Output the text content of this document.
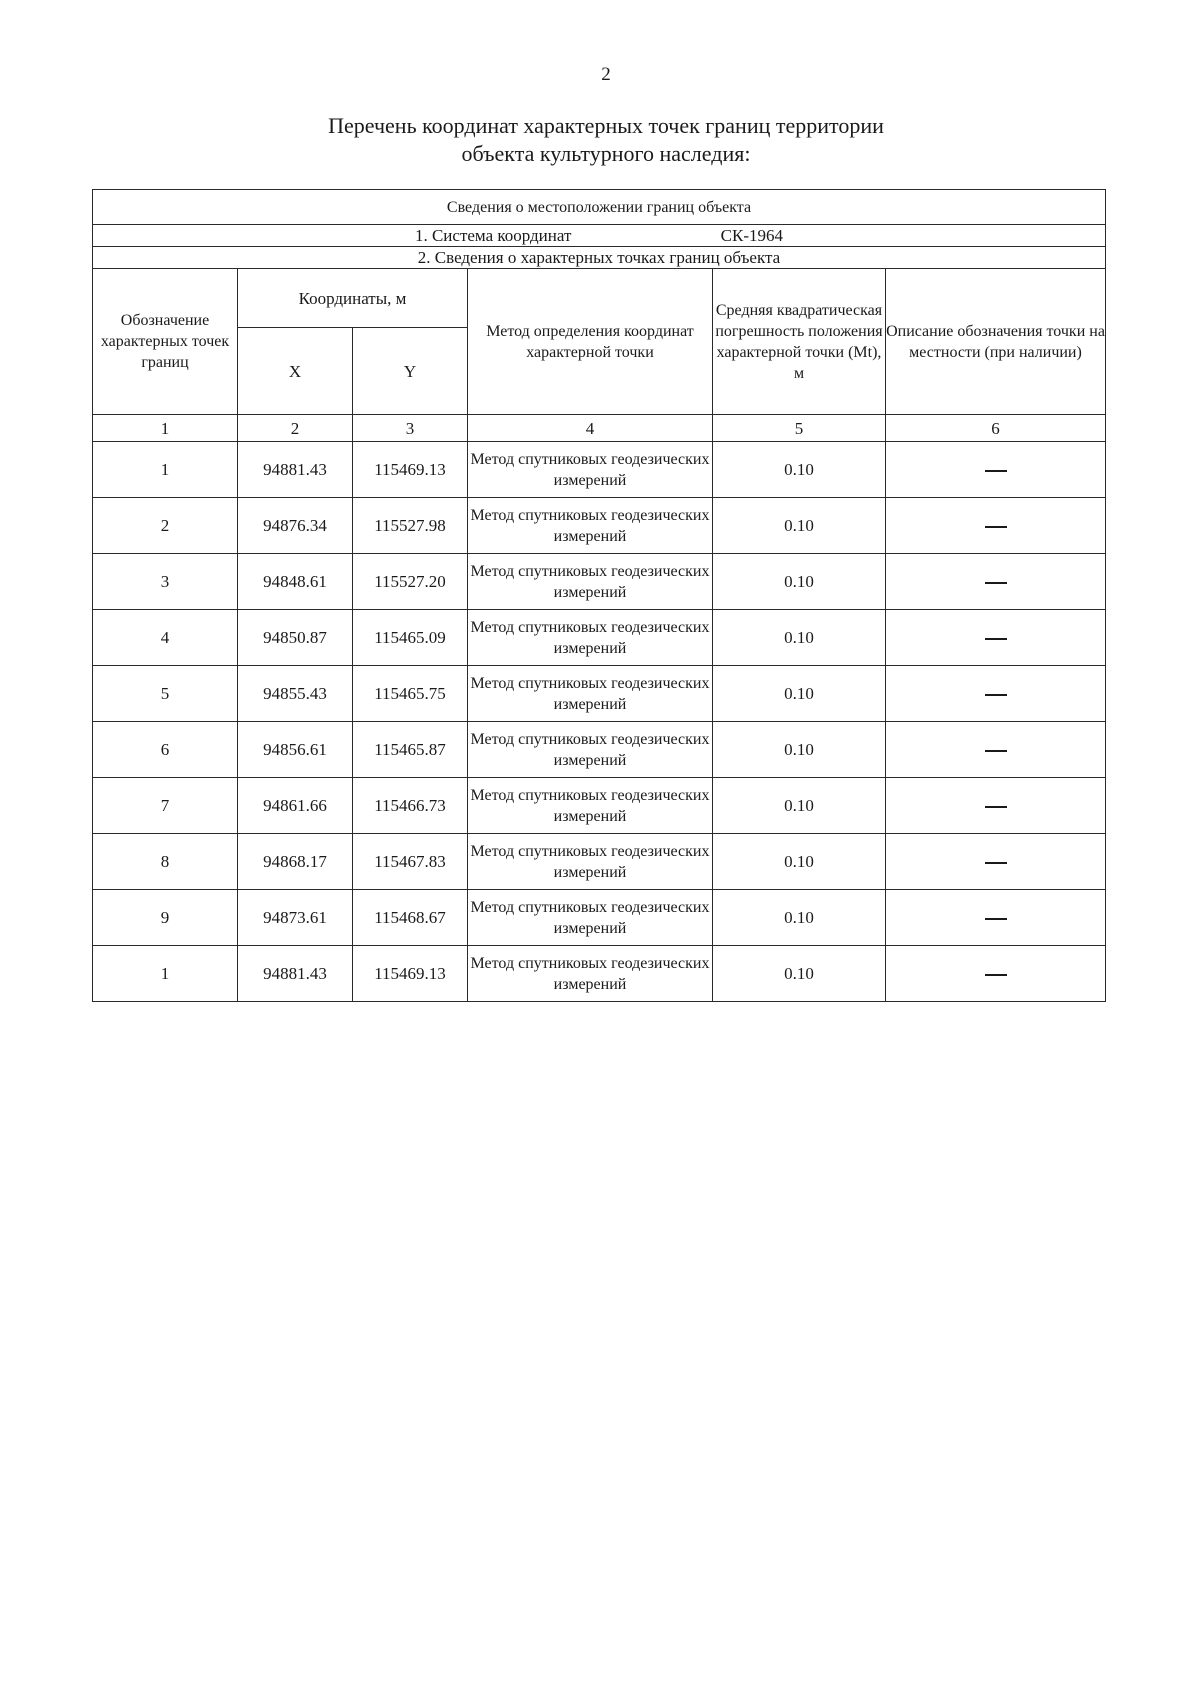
2
Перечень координат характерных точек границ территории
объекта культурного наследия:
Сведения о местоположении границ объекта					
1. Система координат СК-1964					
2. Сведения о характерных точках границ объекта					
Обозначение характерных точек границ	Координаты, м		Метод определения координат характерной точки	Средняя квадратическая погрешность положения характерной точки (Mt), м	Описание обозначения точки на местности (при наличии)
	X	Y			
1	2	3	4	5	6
1	94881.43	115469.13	Метод спутниковых геодезических измерений	0.10	
2	94876.34	115527.98	Метод спутниковых геодезических измерений	0.10	
3	94848.61	115527.20	Метод спутниковых геодезических измерений	0.10	
4	94850.87	115465.09	Метод спутниковых геодезических измерений	0.10	
5	94855.43	115465.75	Метод спутниковых геодезических измерений	0.10	
6	94856.61	115465.87	Метод спутниковых геодезических измерений	0.10	
7	94861.66	115466.73	Метод спутниковых геодезических измерений	0.10	
8	94868.17	115467.83	Метод спутниковых геодезических измерений	0.10	
9	94873.61	115468.67	Метод спутниковых геодезических измерений	0.10	
1	94881.43	115469.13	Метод спутниковых геодезических измерений	0.10	
